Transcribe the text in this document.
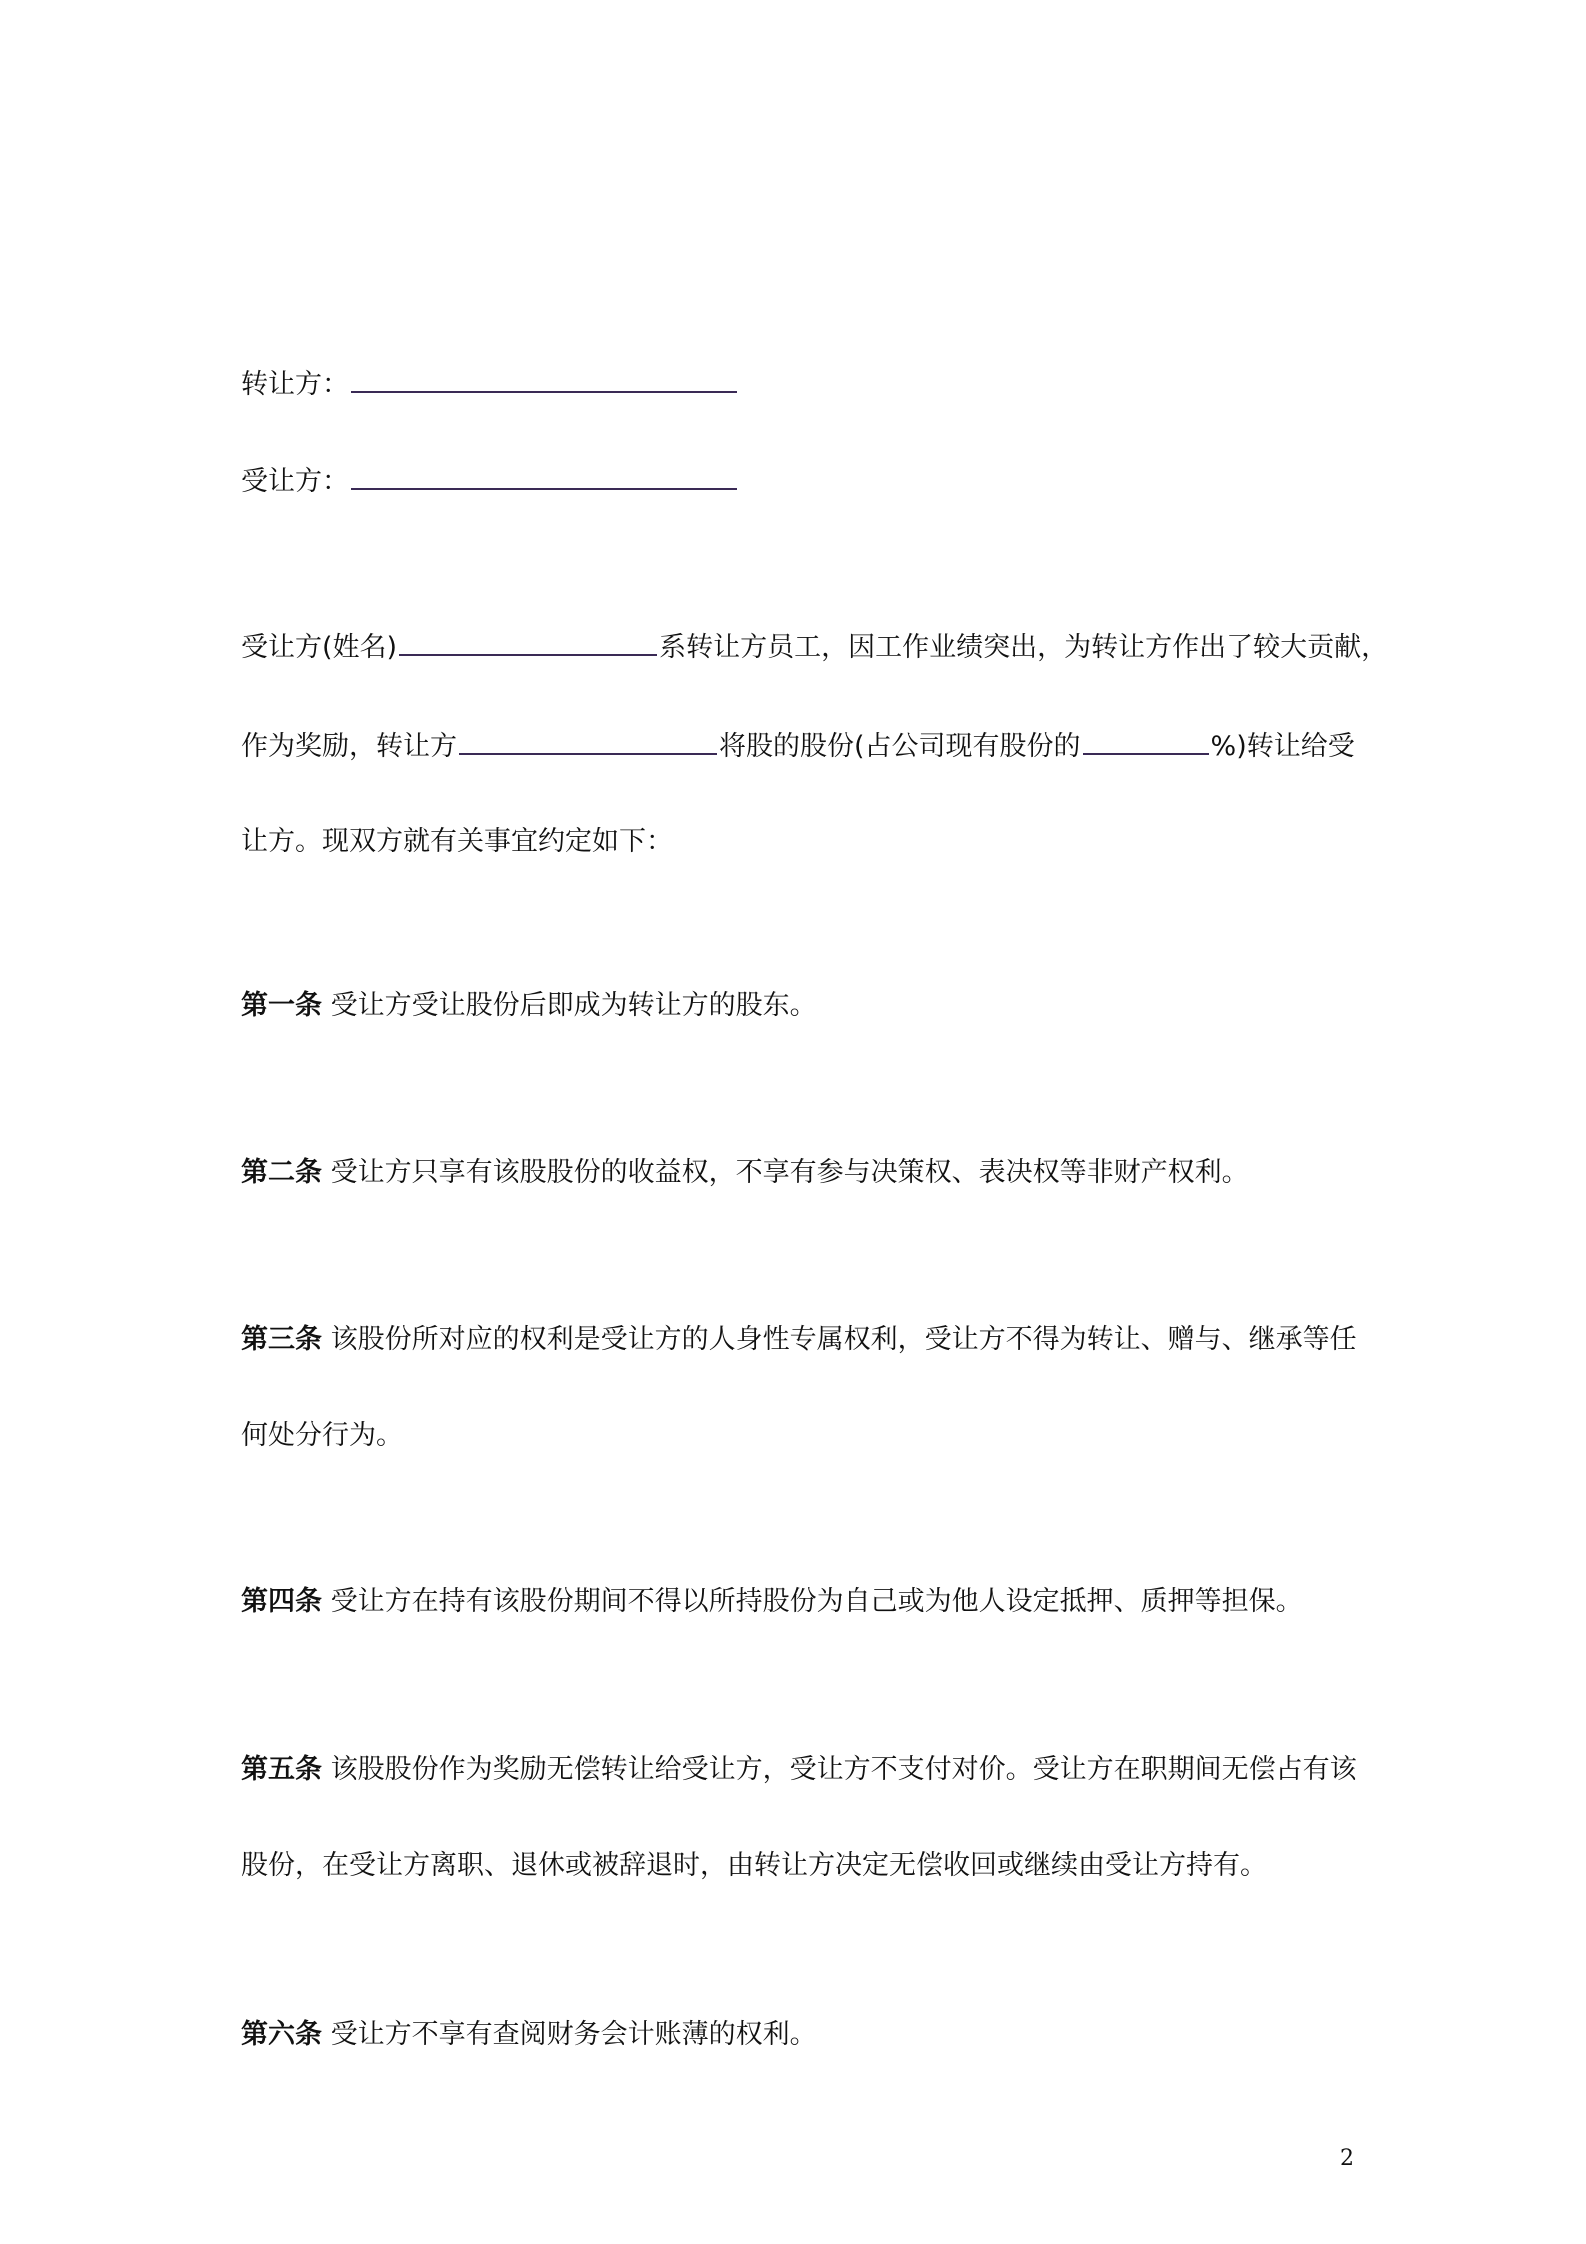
转让方：
受让方：
受让方(姓名)	系转让方员工，因工作业绩突出，为转让方作出了较大贡献，
作为奖励，转让方	将股的股份(占公司现有股份的	%)转让给受
让方。现双方就有关事宜约定如下：
第一条 受让方受让股份后即成为转让方的股东。
第二条 受让方只享有该股股份的收益权，不享有参与决策权、表决权等非财产权利。
第三条 该股份所对应的权利是受让方的人身性专属权利，受让方不得为转让、赠与、继承等任
何处分行为。
第四条 受让方在持有该股份期间不得以所持股份为自己或为他人设定抵押、质押等担保。
第五条 该股股份作为奖励无偿转让给受让方，受让方不支付对价。受让方在职期间无偿占有该
股份，在受让方离职、退休或被辞退时，由转让方决定无偿收回或继续由受让方持有。
第六条 受让方不享有查阅财务会计账薄的权利。
2
